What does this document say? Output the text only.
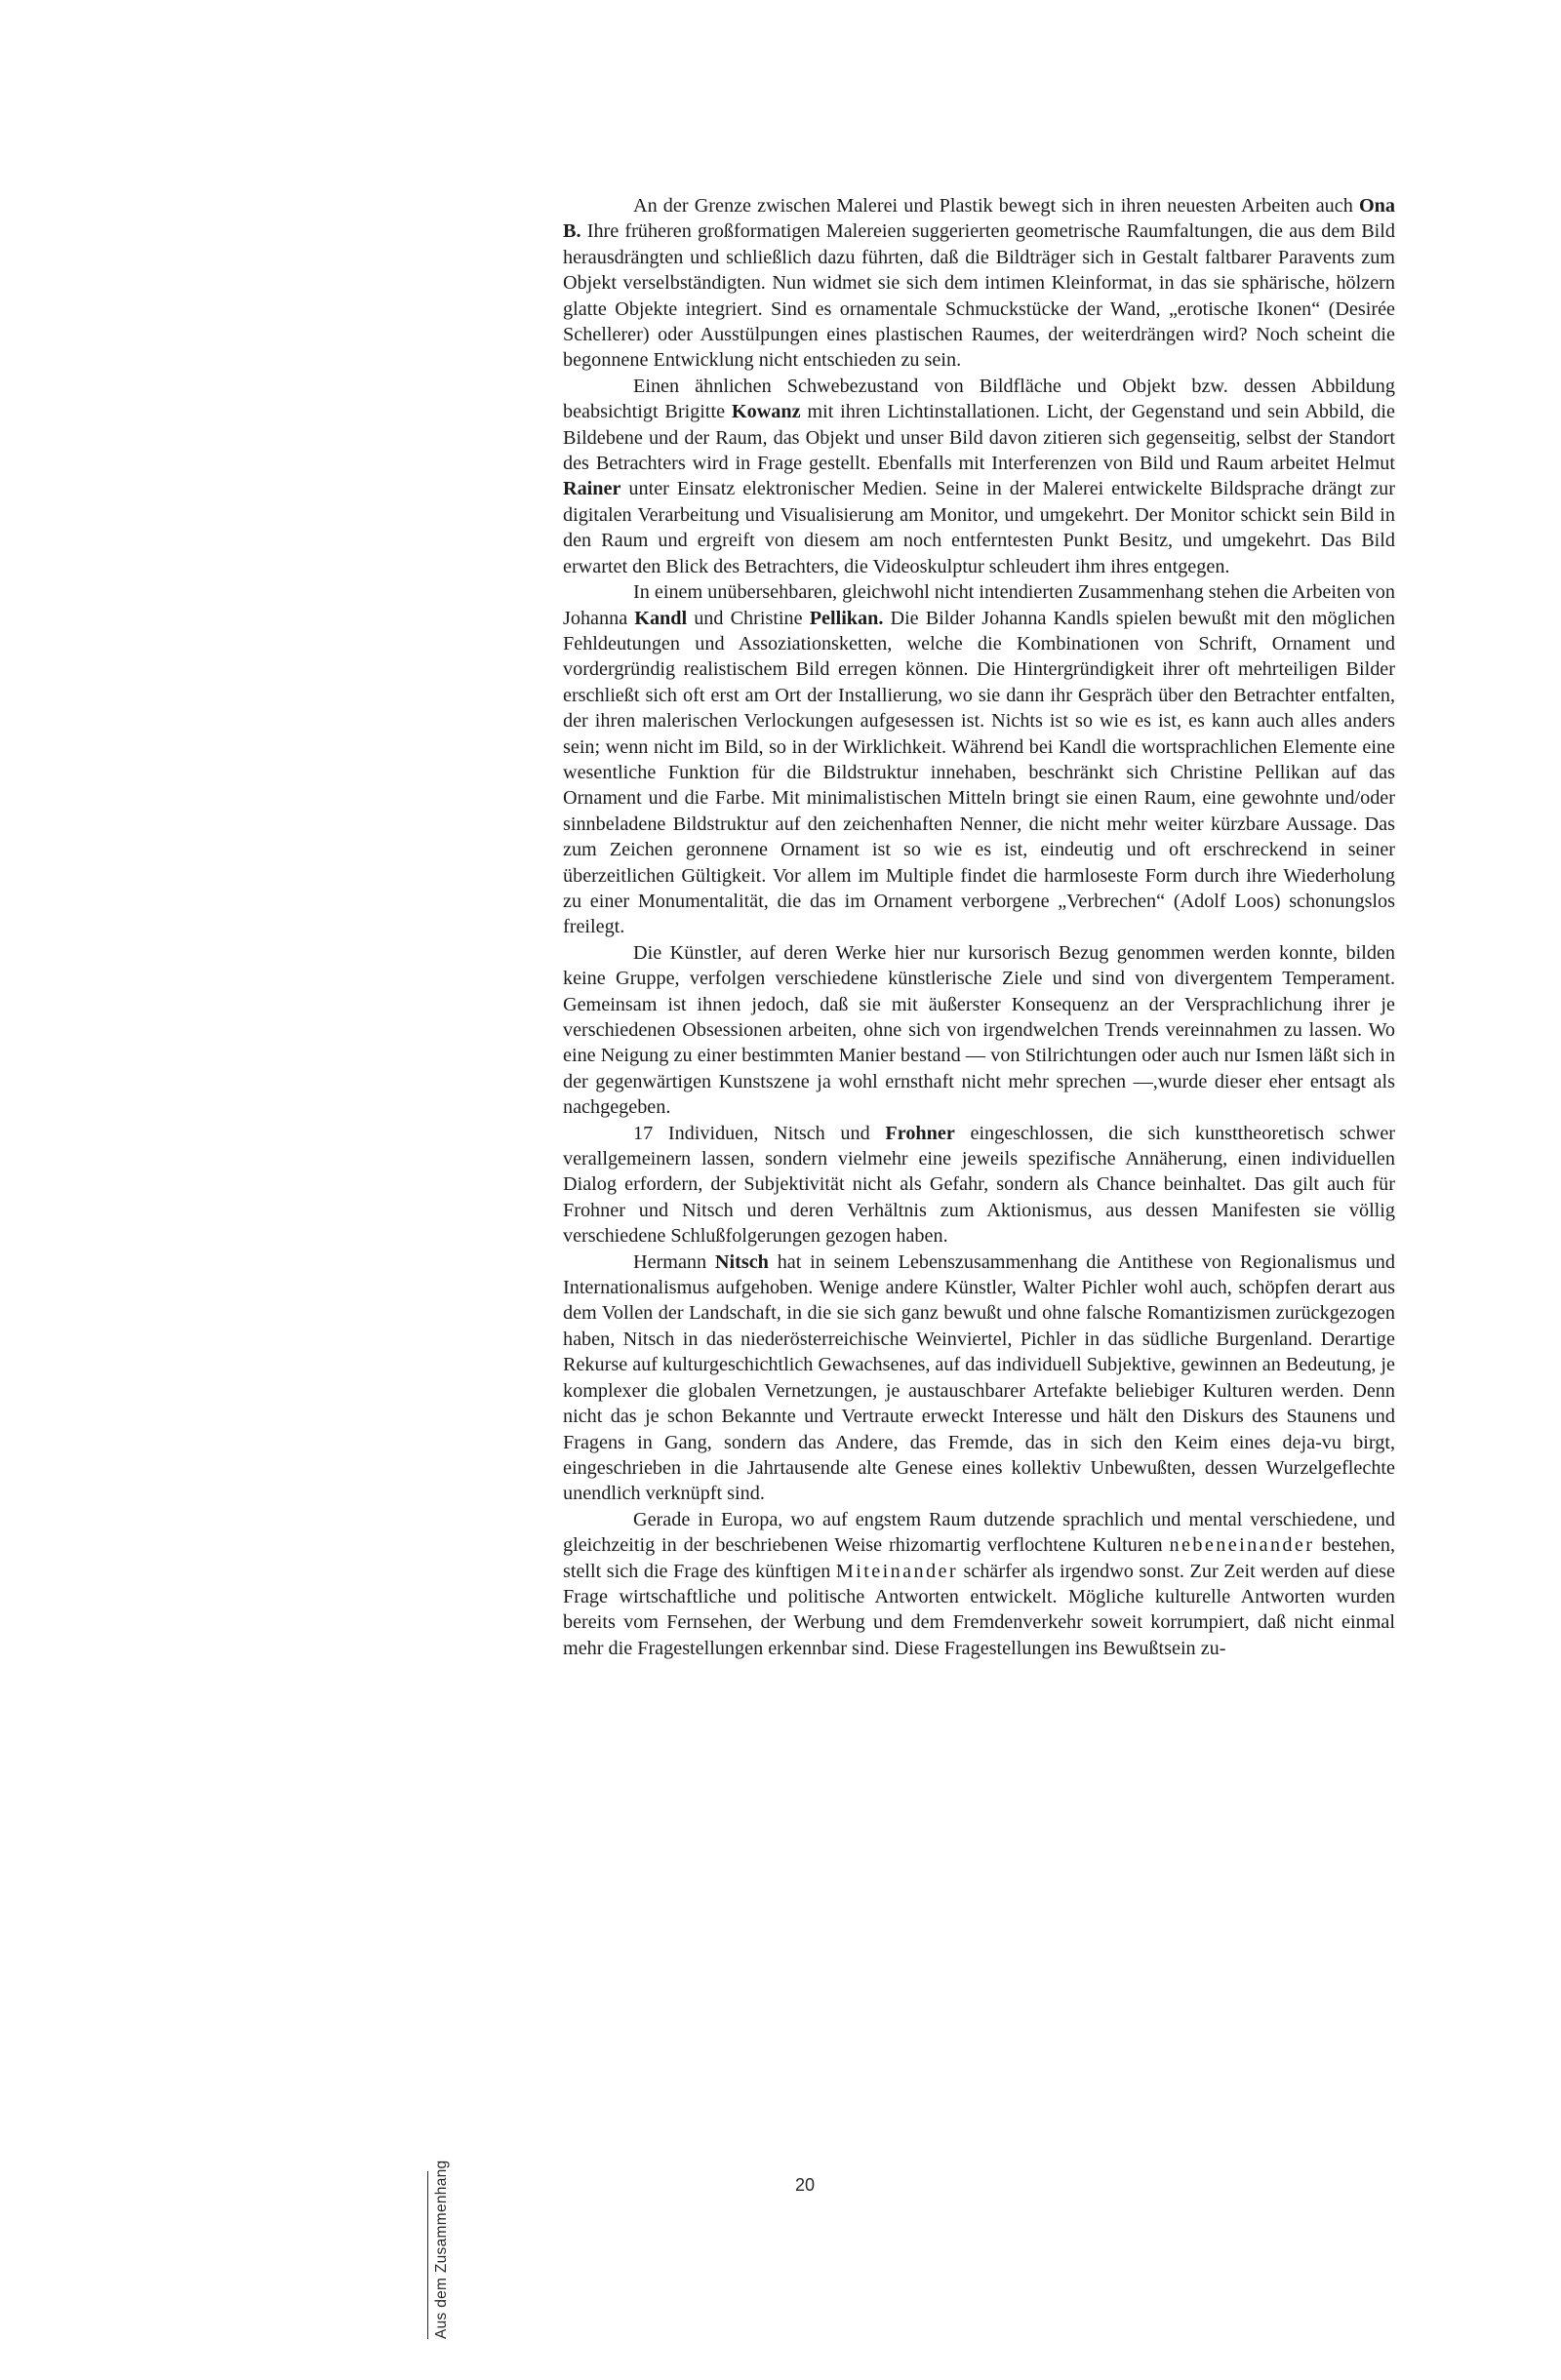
An der Grenze zwischen Malerei und Plastik bewegt sich in ihren neuesten Arbeiten auch Ona B. Ihre früheren großformatigen Malereien suggerierten geometrische Raumfaltungen, die aus dem Bild herausdrängten und schließlich dazu führten, daß die Bildträger sich in Gestalt faltbarer Paravents zum Objekt verselbständigten. Nun widmet sie sich dem intimen Kleinformat, in das sie sphärische, hölzern glatte Objekte integriert. Sind es ornamentale Schmuckstücke der Wand, „erotische Ikonen“ (Desirée Schellerer) oder Ausstülpungen eines plastischen Raumes, der weiterdrängen wird? Noch scheint die begonnene Entwicklung nicht entschieden zu sein.

Einen ähnlichen Schwebezustand von Bildfläche und Objekt bzw. dessen Abbildung beabsichtigt Brigitte Kowanz mit ihren Lichtinstallationen. Licht, der Gegenstand und sein Abbild, die Bildebene und der Raum, das Objekt und unser Bild davon zitieren sich gegenseitig, selbst der Standort des Betrachters wird in Frage gestellt. Ebenfalls mit Interferenzen von Bild und Raum arbeitet Helmut Rainer unter Einsatz elektronischer Medien. Seine in der Malerei entwickelte Bildsprache drängt zur digitalen Verarbeitung und Visualisierung am Monitor, und umgekehrt. Der Monitor schickt sein Bild in den Raum und ergreift von diesem am noch entferntesten Punkt Besitz, und umgekehrt. Das Bild erwartet den Blick des Betrachters, die Videoskulptur schleudert ihm ihres entgegen.

In einem unübersehbaren, gleichwohl nicht intendierten Zusammenhang stehen die Arbeiten von Johanna Kandl und Christine Pellikan. Die Bilder Johanna Kandls spielen bewußt mit den möglichen Fehldeutungen und Assoziationsketten, welche die Kombinationen von Schrift, Ornament und vordergründig realistischem Bild erregen können. Die Hintergründigkeit ihrer oft mehrteiligen Bilder erschließt sich oft erst am Ort der Installierung, wo sie dann ihr Gespräch über den Betrachter entfalten, der ihren malerischen Verlockungen aufgesessen ist. Nichts ist so wie es ist, es kann auch alles anders sein; wenn nicht im Bild, so in der Wirklichkeit. Während bei Kandl die wortsprachlichen Elemente eine wesentliche Funktion für die Bildstruktur innehaben, beschränkt sich Christine Pellikan auf das Ornament und die Farbe. Mit minimalistischen Mitteln bringt sie einen Raum, eine gewohnte und/oder sinnbeladene Bildstruktur auf den zeichenhaften Nenner, die nicht mehr weiter kürzbare Aussage. Das zum Zeichen geronnene Ornament ist so wie es ist, eindeutig und oft erschreckend in seiner überzeitlichen Gültigkeit. Vor allem im Multiple findet die harmloseste Form durch ihre Wiederholung zu einer Monumentalität, die das im Ornament verborgene „Verbrechen“ (Adolf Loos) schonungslos freilegt.

Die Künstler, auf deren Werke hier nur kursorisch Bezug genommen werden konnte, bilden keine Gruppe, verfolgen verschiedene künstlerische Ziele und sind von divergentem Temperament. Gemeinsam ist ihnen jedoch, daß sie mit äußerster Konsequenz an der Versprachlichung ihrer je verschiedenen Obsessionen arbeiten, ohne sich von irgendwelchen Trends vereinnahmen zu lassen. Wo eine Neigung zu einer bestimmten Manier bestand — von Stilrichtungen oder auch nur Ismen läßt sich in der gegenwärtigen Kunstszene ja wohl ernsthaft nicht mehr sprechen —,wurde dieser eher entsagt als nachgegeben.

17 Individuen, Nitsch und Frohner eingeschlossen, die sich kunsttheoretisch schwer verallgemeinern lassen, sondern vielmehr eine jeweils spezifische Annäherung, einen individuellen Dialog erfordern, der Subjektivität nicht als Gefahr, sondern als Chance beinhaltet. Das gilt auch für Frohner und Nitsch und deren Verhältnis zum Aktionismus, aus dessen Manifesten sie völlig verschiedene Schlußfolgerungen gezogen haben.

Hermann Nitsch hat in seinem Lebenszusammenhang die Antithese von Regionalismus und Internationalismus aufgehoben. Wenige andere Künstler, Walter Pichler wohl auch, schöpfen derart aus dem Vollen der Landschaft, in die sie sich ganz bewußt und ohne falsche Romantizismen zurückgezogen haben, Nitsch in das niederösterreichische Weinviertel, Pichler in das südliche Burgenland. Derartige Rekurse auf kulturgeschichtlich Gewachsenes, auf das individuell Subjektive, gewinnen an Bedeutung, je komplexer die globalen Vernetzungen, je austauschbarer Artefakte beliebiger Kulturen werden. Denn nicht das je schon Bekannte und Vertraute erweckt Interesse und hält den Diskurs des Staunens und Fragens in Gang, sondern das Andere, das Fremde, das in sich den Keim eines deja-vu birgt, eingeschrieben in die Jahrtausende alte Genese eines kollektiv Unbewußten, dessen Wurzelgeflechte unendlich verknüpft sind.

Gerade in Europa, wo auf engstem Raum dutzende sprachlich und mental verschiedene, und gleichzeitig in der beschriebenen Weise rhizomartig verflochtene Kulturen nebeneinander bestehen, stellt sich die Frage des künftigen Miteinander schärfer als irgendwo sonst. Zur Zeit werden auf diese Frage wirtschaftliche und politische Antworten entwickelt. Mögliche kulturelle Antworten wurden bereits vom Fernsehen, der Werbung und dem Fremdenverkehr soweit korrumpiert, daß nicht einmal mehr die Fragestellungen erkennbar sind. Diese Fragestellungen ins Bewußtsein zu-

20
Aus dem Zusammenhang
